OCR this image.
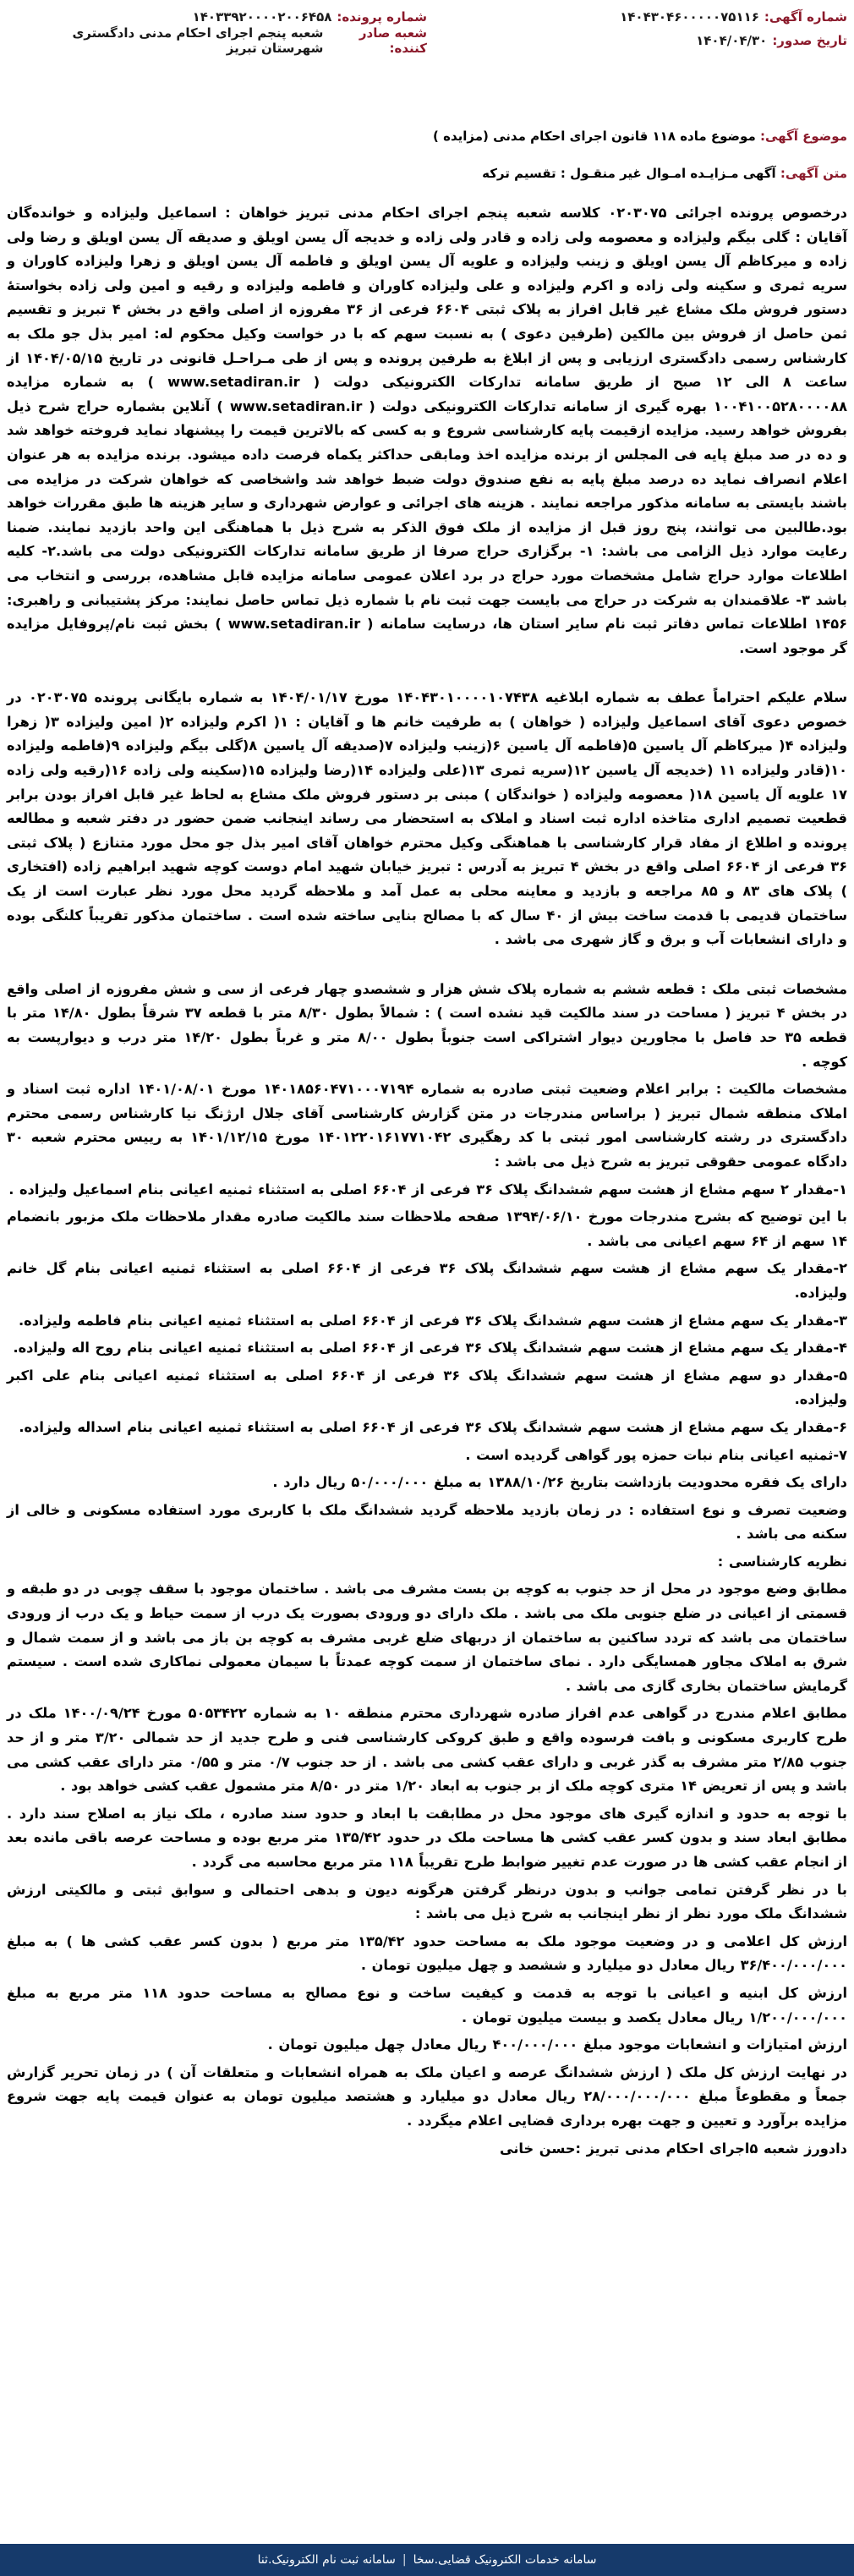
شماره آگهی:
۱۴۰۴۳۰۴۶۰۰۰۰۰۷۵۱۱۶
شماره پرونده:
۱۴۰۳۳۹۲۰۰۰۰۲۰۰۶۴۵۸
تاریخ صدور:
۱۴۰۴/۰۴/۳۰
شعبه صادر کننده:
شعبه پنجم اجرای احکام مدنی دادگستری شهرستان تبریز
موضوع آگهی: موضوع ماده ۱۱۸ قانون اجرای احکام مدنی (مزایده )
متن آگهی: آگهی مـزایـده امـوال غیر منقـول : تقسیم ترکه

درخصوص پرونده اجرائی ۰۲۰۳۰۷۵ کلاسه شعبه پنجم اجرای احکام مدنی تبریز خواهان : اسماعیل ولیزاده و خوانده‌گان آقایان : گلی بیگم ولیزاده و معصومه ولی زاده و قادر ولی زاده و خدیجه آل یسن اویلق و صدیقه آل یسن اویلق و رضا ولی زاده و میرکاظم آل یسن اویلق و زینب ولیزاده و علویه آل یسن اویلق و فاطمه آل یسن اویلق و زهرا ولیزاده کاوران و سریه ثمری و سکینه ولی زاده و اکرم ولیزاده و علی ولیزاده کاوران و فاطمه ولیزاده و رقیه و امین ولی زاده بخواستهٔ دستور فروش ملک مشاع غیر قابل افراز به پلاک ثبتی ۶۶۰۴ فرعی از ۳۶ مفروزه از اصلی واقع در بخش ۴ تبریز و تقسیم ثمن حاصل از فروش بین مالکین (طرفین دعوی ) به نسبت سهم که با در خواست وکیل محکوم له: امیر بذل جو ملک به کارشناس رسمی دادگستری ارزیابی و پس از ابلاغ به طرفین پرونده و پس از طی مـراحـل قانونی در تاریخ ۱۴۰۴/۰۵/۱۵ از ساعت ۸ الی ۱۲ صبح از طریق سامانه تدارکات الکترونیکی دولت ( www.setadiran.ir ) به شماره مزایده ۱۰۰۴۱۰۰۵۲۸۰۰۰۰۸۸ بهره گیری از سامانه تدارکات الکترونیکی دولت ( www.setadiran.ir ) آنلاین بشماره حراج شرح ذیل بفروش خواهد رسید. مزایده ازقیمت پایه کارشناسی شروع و به کسی که بالاترین قیمت را پیشنهاد نماید فروخته خواهد شد و ده در صد مبلغ پایه فی المجلس از برنده مزایده اخذ ومابقی حداکثر یکماه فرصت داده میشود. برنده مزایده به هر عنوان اعلام انصراف نماید ده درصد مبلغ پایه به نفع صندوق دولت ضبط خواهد شد واشخاصی که خواهان شرکت در مزایده می باشند بایستی به سامانه مذکور مراجعه نمایند . هزینه های اجرائی و عوارض شهرداری و سایر هزینه ها طبق مقررات خواهد بود.طالبین می توانند، پنج روز قبل از مزایده از ملک فوق الذکر به شرح ذیل با هماهنگی این واحد بازدید نمایند. ضمنا رعایت موارد ذیل الزامی می باشد: ۱- برگزاری حراج صرفا از طریق سامانه تدارکات الکترونیکی دولت می باشد.۲- کلیه اطلاعات موارد حراج شامل مشخصات مورد حراج در برد اعلان عمومی سامانه مزایده قابل مشاهده، بررسی و انتخاب می باشد ۳- علاقمندان به شرکت در حراج می بایست جهت ثبت نام با شماره ذیل تماس حاصل نمایند: مرکز پشتیبانی و راهبری: ۱۴۵۶ اطلاعات تماس دفاتر ثبت نام سایر استان ها، درسایت سامانه ( www.setadiran.ir ) بخش ثبت نام/پروفایل مزایده گر موجود است.

سلام علیکم احتراماً عطف به شماره ابلاغیه ۱۴۰۴۳۰۱۰۰۰۰۱۰۷۴۳۸ مورخ ۱۴۰۴/۰۱/۱۷ به شماره بایگانی پرونده ۰۲۰۳۰۷۵ در خصوص دعوی آقای اسماعیل ولیزاده ( خواهان ) به طرفیت خانم ها و آقایان : ۱( اکرم ولیزاده ۲( امین ولیزاده ۳( زهرا ولیزاده ۴( میرکاظم آل یاسین ۵(فاطمه آل یاسین ۶(زینب ولیزاده ۷(صدیقه آل یاسین ۸(گلی بیگم ولیزاده ۹(فاطمه ولیزاده ۱۰(قادر ولیزاده ۱۱ (خدیجه آل یاسین ۱۲(سریه ثمری ۱۳(علی ولیزاده ۱۴(رضا ولیزاده ۱۵(سکینه ولی زاده ۱۶(رقیه ولی زاده ۱۷ علویه آل یاسین ۱۸( معصومه ولیزاده ( خواندگان ) مبنی بر دستور فروش ملک مشاع به لحاظ غیر قابل افراز بودن برابر قطعیت تصمیم اداری متاخذه اداره ثبت اسناد و املاک به استحضار می رساند اینجانب ضمن حضور در دفتر شعبه و مطالعه پرونده و اطلاع از مفاد قرار کارشناسی با هماهنگی وکیل محترم خواهان آقای امیر بذل جو محل مورد متنازع ( پلاک ثبتی ۳۶ فرعی از ۶۶۰۴ اصلی واقع در بخش ۴ تبریز به آدرس : تبریز خیابان شهید امام دوست کوچه شهید ابراهیم زاده (افتخاری ) پلاک های ۸۳ و ۸۵ مراجعه و بازدید و معاینه محلی به عمل آمد و ملاحظه گردید محل مورد نظر عبارت است از یک ساختمان قدیمی با قدمت ساخت بیش از ۴۰ سال که با مصالح بنایی ساخته شده است . ساختمان مذکور تقریباً کلنگی بوده و دارای انشعابات آب و برق و گاز شهری می باشد .

مشخصات ثبتی ملک : قطعه ششم به شماره پلاک شش هزار و ششصدو چهار فرعی از سی و شش مفروزه از اصلی واقع در بخش ۴ تبریز ( مساحت در سند مالکیت قید نشده است ) : شمالاً بطول ۸/۳۰ متر با قطعه ۳۷ شرقاً بطول ۱۴/۸۰ متر با قطعه ۳۵ حد فاصل با مجاورین دیوار اشتراکی است جنوباً بطول ۸/۰۰ متر و غرباً بطول ۱۴/۲۰ متر درب و دیوارپست به کوچه .

مشخصات مالکیت : برابر اعلام وضعیت ثبتی صادره به شماره ۱۴۰۱۸۵۶۰۴۷۱۰۰۰۷۱۹۴ مورخ ۱۴۰۱/۰۸/۰۱ اداره ثبت اسناد و املاک منطقه شمال تبریز ( براساس مندرجات در متن گزارش کارشناسی آقای جلال ارژنگ نیا کارشناس رسمی محترم دادگستری در رشته کارشناسی امور ثبتی با کد رهگیری ۱۴۰۱۲۲۰۱۶۱۷۷۱۰۴۲ مورخ ۱۴۰۱/۱۲/۱۵ به رییس محترم شعبه ۳۰ دادگاه عمومی حقوقی تبریز به شرح ذیل می باشد :

۱-مقدار ۲ سهم مشاع از هشت سهم ششدانگ پلاک ۳۶ فرعی از ۶۶۰۴ اصلی به استثناء ثمنیه اعیانی بنام اسماعیل ولیزاده .

با این توضیح که بشرح مندرجات مورخ ۱۳۹۴/۰۶/۱۰ صفحه ملاحظات سند مالکیت صادره مقدار ملاحظات ملک مزبور بانضمام ۱۴ سهم از ۶۴ سهم اعیانی می باشد .

۲-مقدار یک سهم مشاع از هشت سهم ششدانگ پلاک ۳۶ فرعی از ۶۶۰۴ اصلی به استثناء ثمنیه اعیانی بنام گل خانم ولیزاده.

۳-مقدار یک سهم مشاع از هشت سهم ششدانگ پلاک ۳۶ فرعی از ۶۶۰۴ اصلی به استثناء ثمنیه اعیانی بنام فاطمه ولیزاده.

۴-مقدار یک سهم مشاع از هشت سهم ششدانگ پلاک ۳۶ فرعی از ۶۶۰۴ اصلی به استثناء ثمنیه اعیانی بنام روح اله ولیزاده.

۵-مقدار دو سهم مشاع از هشت سهم ششدانگ پلاک ۳۶ فرعی از ۶۶۰۴ اصلی به استثناء ثمنیه اعیانی بنام علی اکبر ولیزاده.

۶-مقدار یک سهم مشاع از هشت سهم ششدانگ پلاک ۳۶ فرعی از ۶۶۰۴ اصلی به استثناء ثمنیه اعیانی بنام اسداله ولیزاده.

۷-ثمنیه اعیانی بنام نبات حمزه پور گواهی گردیده است .

دارای یک فقره محدودیت بازداشت بتاریخ ۱۳۸۸/۱۰/۲۶ به مبلغ ۵۰/۰۰۰/۰۰۰ ریال دارد .

وضعیت تصرف و نوع استفاده : در زمان بازدید ملاحظه گردید ششدانگ ملک با کاربری مورد استفاده مسکونی و خالی از سکنه می باشد .

نظریه کارشناسی :

مطابق وضع موجود در محل از حد جنوب به کوچه بن بست مشرف می باشد . ساختمان موجود با سقف چوبی در دو طبقه و قسمتی از اعیانی در ضلع جنوبی ملک می باشد . ملک دارای دو ورودی بصورت یک درب از سمت حیاط و یک درب از ورودی ساختمان می باشد که تردد ساکنین به ساختمان از دربهای ضلع غربی مشرف به کوچه بن باز می باشد و از سمت شمال و شرق به املاک مجاور همسایگی دارد . نمای ساختمان از سمت کوچه عمدتاً با سیمان معمولی نماکاری شده است . سیستم گرمایش ساختمان بخاری گازی می باشد .

مطابق اعلام مندرج در گواهی عدم افراز صادره شهرداری محترم منطقه ۱۰ به شماره ۵۰۵۳۴۲۲ مورخ ۱۴۰۰/۰۹/۲۴ ملک در طرح کاربری مسکونی و بافت فرسوده واقع و طبق کروکی کارشناسی فنی و طرح جدید از حد شمالی ۳/۲۰ متر و از حد جنوب ۲/۸۵ متر مشرف به گذر غربی و دارای عقب کشی می باشد . از حد جنوب ۰/۷ متر و ۰/۵۵ متر دارای عقب کشی می باشد و پس از تعریض ۱۴ متری کوچه ملک از بر جنوب به ابعاد ۱/۲۰ متر در ۸/۵۰ متر مشمول عقب کشی خواهد بود .

با توجه به حدود و اندازه گیری های موجود محل در مطابقت با ابعاد و حدود سند صادره ، ملک نیاز به اصلاح سند دارد . مطابق ابعاد سند و بدون کسر عقب کشی ها مساحت ملک در حدود ۱۳۵/۴۲ متر مربع بوده و مساحت عرصه باقی مانده بعد از انجام عقب کشی ها در صورت عدم تغییر ضوابط طرح تقریباً ۱۱۸ متر مربع محاسبه می گردد .

با در نظر گرفتن تمامی جوانب و بدون درنظر گرفتن هرگونه دیون و بدهی احتمالی و سوابق ثبتی و مالکیتی ارزش ششدانگ ملک مورد نظر از نظر اینجانب به شرح ذیل می باشد :

ارزش کل اعلامی و در وضعیت موجود ملک به مساحت حدود ۱۳۵/۴۲ متر مربع ( بدون کسر عقب کشی ها ) به مبلغ ۳۶/۴۰۰/۰۰۰/۰۰۰ ریال معادل دو میلیارد و ششصد و چهل میلیون تومان .

ارزش کل ابنیه و اعیانی با توجه به قدمت و کیفیت ساخت و نوع مصالح به مساحت حدود ۱۱۸ متر مربع به مبلغ ۱/۲۰۰/۰۰۰/۰۰۰ ریال معادل یکصد و بیست میلیون تومان .

ارزش امتیازات و انشعابات موجود مبلغ ۴۰۰/۰۰۰/۰۰۰ ریال معادل چهل میلیون تومان .

در نهایت ارزش کل ملک ( ارزش ششدانگ عرصه و اعیان ملک به همراه انشعابات و متعلقات آن ) در زمان تحریر گزارش جمعاً و مقطوعاً مبلغ ۲۸/۰۰۰/۰۰۰/۰۰۰ ریال معادل دو میلیارد و هشتصد میلیون تومان به عنوان قیمت پایه جهت شروع مزایده برآورد و تعیین و جهت بهره برداری قضایی اعلام میگردد .

دادورز شعبه ۵اجرای احکام مدنی تبریز :حسن خانی

سامانه خدمات الکترونیک قضایی.سخا
|
سامانه ثبت نام الکترونیک.ثنا
